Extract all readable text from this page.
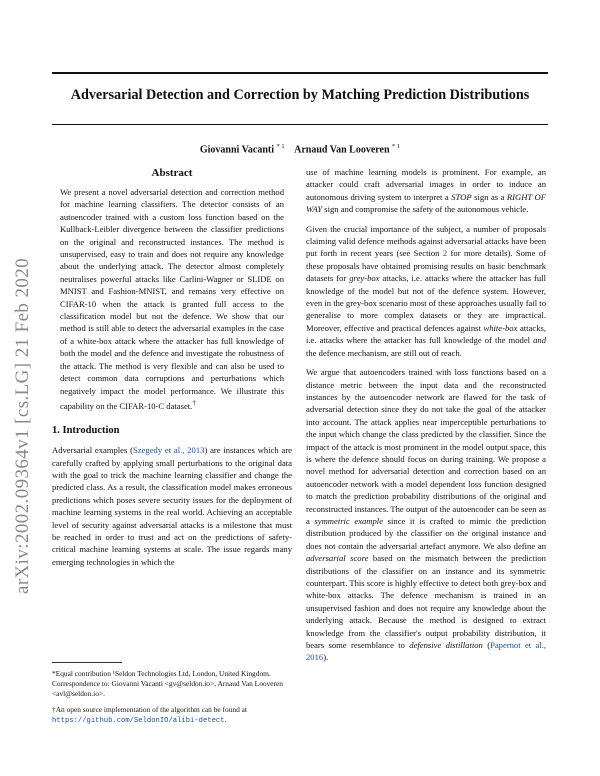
Adversarial Detection and Correction by Matching Prediction Distributions
Giovanni Vacanti $^{* 1}$ Arnaud Van Looveren $^{* 1}$
arXiv:2002.09364v1 [cs.LG] 21 Feb 2020
Abstract

We present a novel adversarial detection and correction method for machine learning classifiers. The detector consists of an autoencoder trained with a custom loss function based on the Kullback-Leibler divergence between the classifier predictions on the original and reconstructed instances. The method is unsupervised, easy to train and does not require any knowledge about the underlying attack. The detector almost completely neutralises powerful attacks like Carlini-Wagner or SLIDE on MNIST and Fashion-MNIST, and remains very effective on CIFAR-10 when the attack is granted full access to the classification model but not the defence. We show that our method is still able to detect the adversarial examples in the case of a white-box attack where the attacker has full knowledge of both the model and the defence and investigate the robustness of the attack. The method is very flexible and can also be used to detect common data corruptions and perturbations which negatively impact the model performance. We illustrate this capability on the CIFAR-10-C dataset.†

1. Introduction

Adversarial examples (Szegedy et al., 2013) are instances which are carefully crafted by applying small perturbations to the original data with the goal to trick the machine learning classifier and change the predicted class. As a result, the classification model makes erroneous predictions which poses severe security issues for the deployment of machine learning systems in the real world. Achieving an acceptable level of security against adversarial attacks is a milestone that must be reached in order to trust and act on the predictions of safety-critical machine learning systems at scale. The issue regards many emerging technologies in which the

*Equal contribution ¹Seldon Technologies Ltd, London, United Kingdom. Correspondence to: Giovanni Vacanti <gv@seldon.io>, Arnaud Van Looveren <avl@seldon.io>.

†An open source implementation of the algorithm can be found at https://github.com/SeldonIO/alibi-detect.

use of machine learning models is prominent. For example, an attacker could craft adversarial images in order to induce an autonomous driving system to interpret a STOP sign as a RIGHT OF WAY sign and compromise the safety of the autonomous vehicle.

Given the crucial importance of the subject, a number of proposals claiming valid defence methods against adversarial attacks have been put forth in recent years (see Section 2 for more details). Some of these proposals have obtained promising results on basic benchmark datasets for grey-box attacks, i.e. attacks where the attacker has full knowledge of the model but not of the defence system. However, even in the grey-box scenario most of these approaches usually fail to generalise to more complex datasets or they are impractical. Moreover, effective and practical defences against white-box attacks, i.e. attacks where the attacker has full knowledge of the model and the defence mechanism, are still out of reach.

We argue that autoencoders trained with loss functions based on a distance metric between the input data and the reconstructed instances by the autoencoder network are flawed for the task of adversarial detection since they do not take the goal of the attacker into account. The attack applies near imperceptible perturbations to the input which change the class predicted by the classifier. Since the impact of the attack is most prominent in the model output space, this is where the defence should focus on during training. We propose a novel method for adversarial detection and correction based on an autoencoder network with a model dependent loss function designed to match the prediction probability distributions of the original and reconstructed instances. The output of the autoencoder can be seen as a symmetric example since it is crafted to mimic the prediction distribution produced by the classifier on the original instance and does not contain the adversarial artefact anymore. We also define an adversarial score based on the mismatch between the prediction distributions of the classifier on an instance and its symmetric counterpart. This score is highly effective to detect both grey-box and white-box attacks. The defence mechanism is trained in an unsupervised fashion and does not require any knowledge about the underlying attack. Because the method is designed to extract knowledge from the classifier's output probability distribution, it bears some resemblance to defensive distillation (Papernot et al., 2016).
